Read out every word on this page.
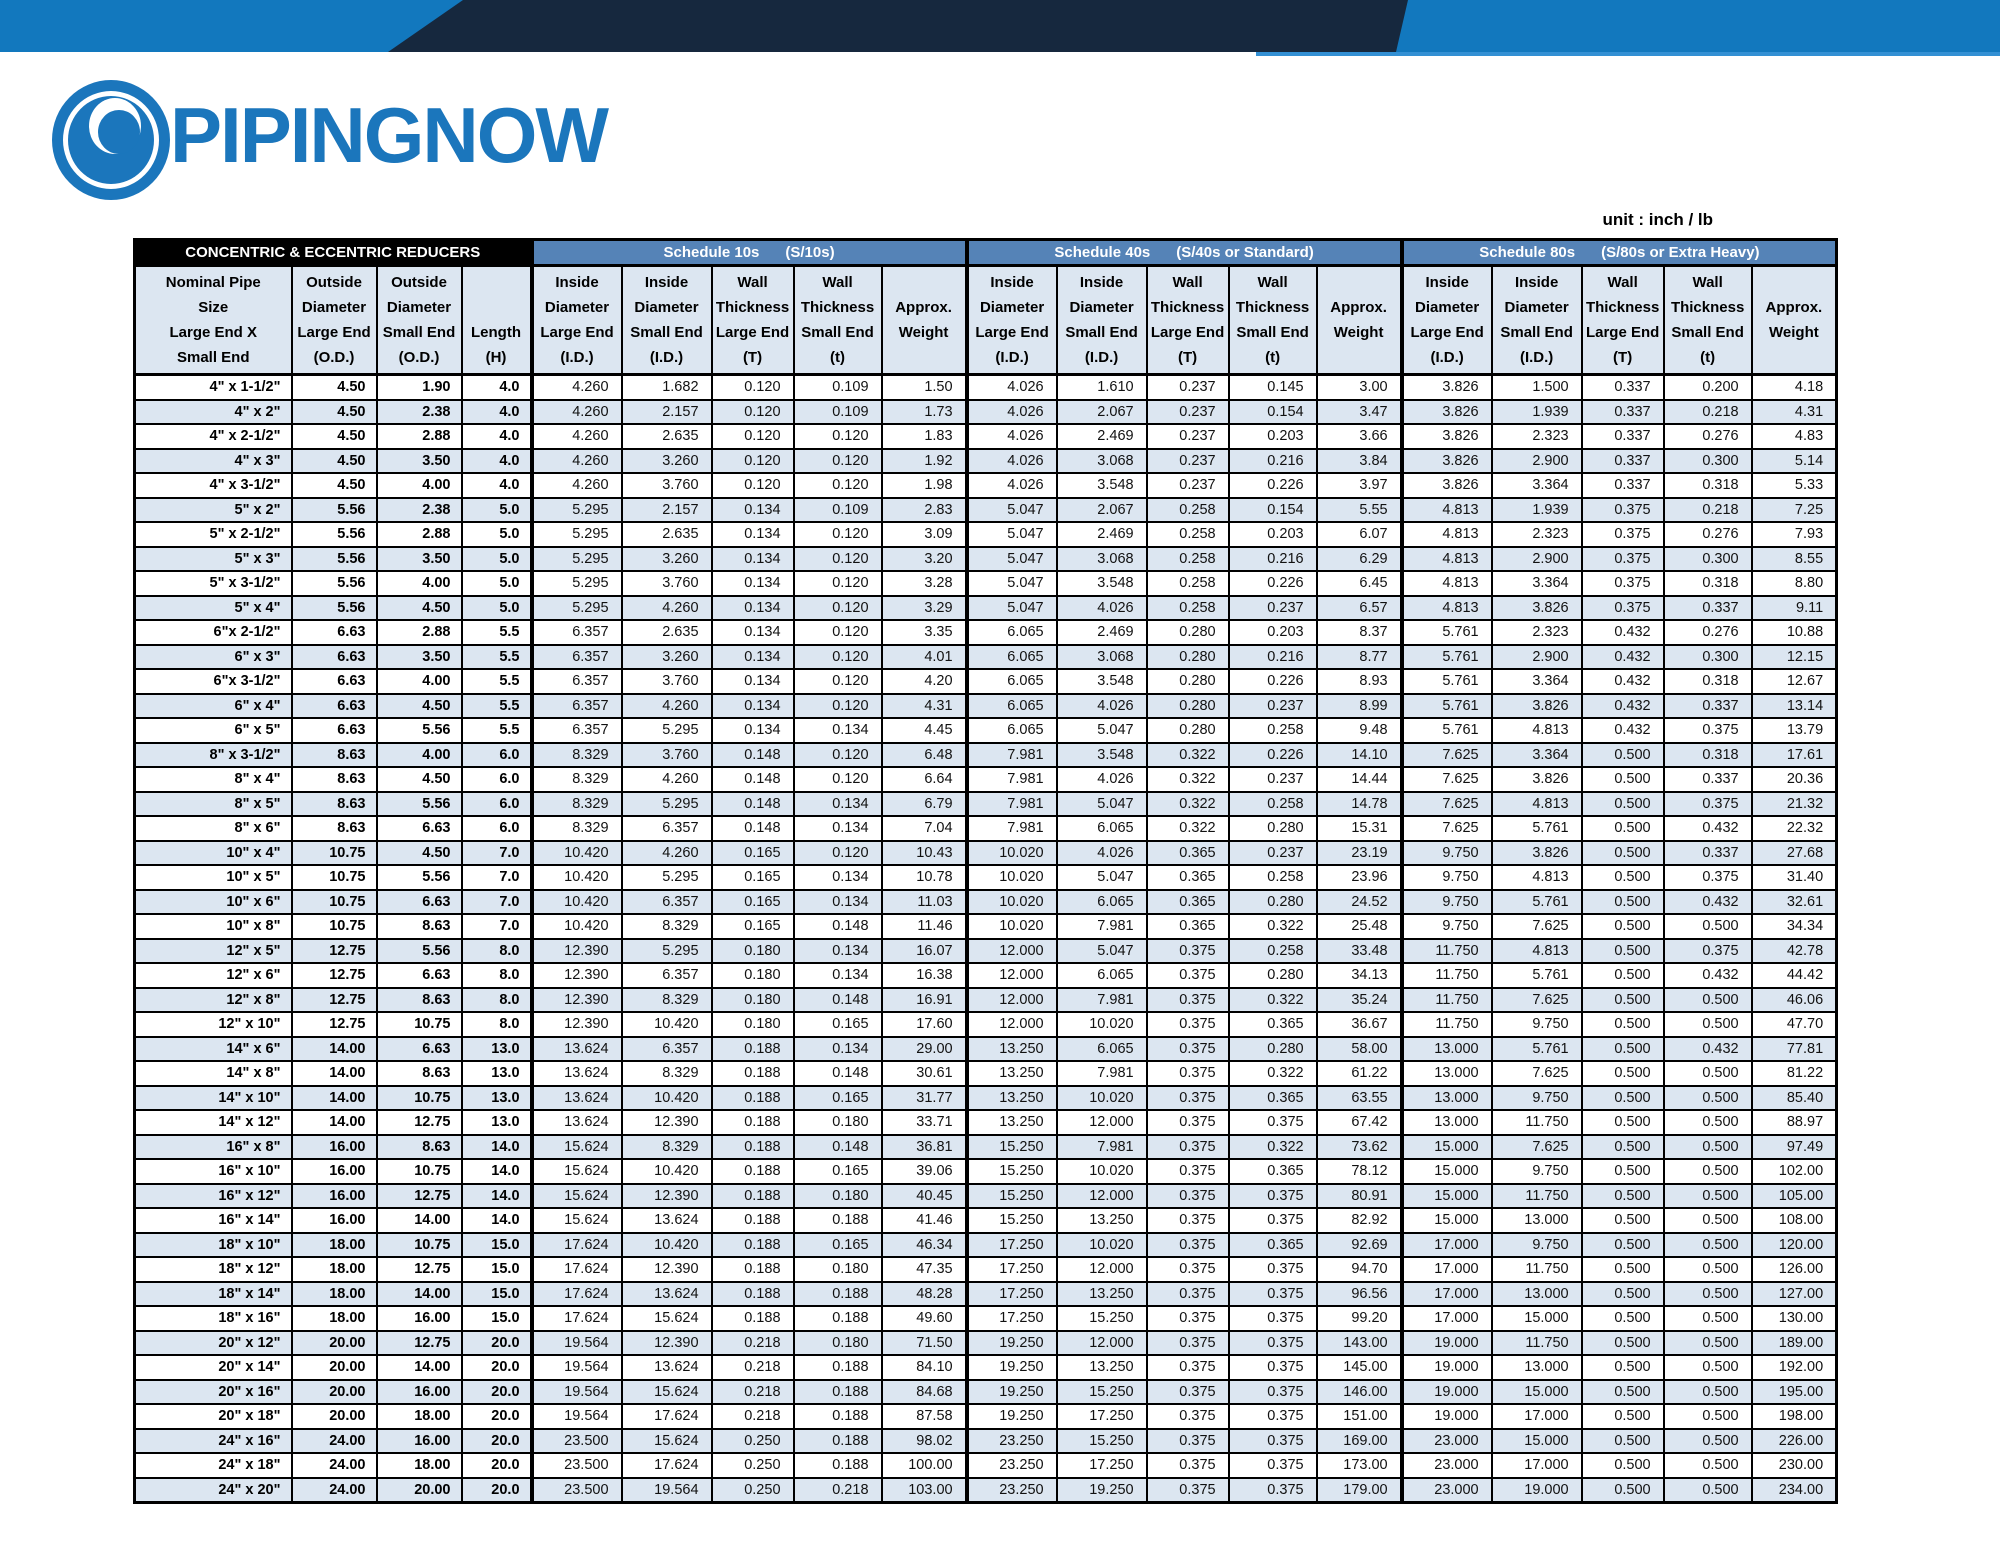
PIPINGNOW
unit : inch / lb
CONCENTRIC & ECCENTRIC REDUCERS				Schedule 10s (S/10s)					Schedule 40s (S/40s or Standard)					Schedule 80s (S/80s or Extra Heavy)				
Nominal Pipe
Size
Large End X
Small End	Outside
Diameter
Large End
(O.D.)	Outside
Diameter
Small End
(O.D.)	Length
(H)	Inside
Diameter
Large End
(I.D.)	Inside
Diameter
Small End
(I.D.)	Wall
Thickness
Large End
(T)	Wall
Thickness
Small End
(t)	Approx.
Weight	Inside
Diameter
Large End
(I.D.)	Inside
Diameter
Small End
(I.D.)	Wall
Thickness
Large End
(T)	Wall
Thickness
Small End
(t)	Approx.
Weight	Inside
Diameter
Large End
(I.D.)	Inside
Diameter
Small End
(I.D.)	Wall
Thickness
Large End
(T)	Wall
Thickness
Small End
(t)	Approx.
Weight
4" x 1-1/2"	4.50	1.90	4.0	4.260	1.682	0.120	0.109	1.50	4.026	1.610	0.237	0.145	3.00	3.826	1.500	0.337	0.200	4.18
4" x 2"	4.50	2.38	4.0	4.260	2.157	0.120	0.109	1.73	4.026	2.067	0.237	0.154	3.47	3.826	1.939	0.337	0.218	4.31
4" x 2-1/2"	4.50	2.88	4.0	4.260	2.635	0.120	0.120	1.83	4.026	2.469	0.237	0.203	3.66	3.826	2.323	0.337	0.276	4.83
4" x 3"	4.50	3.50	4.0	4.260	3.260	0.120	0.120	1.92	4.026	3.068	0.237	0.216	3.84	3.826	2.900	0.337	0.300	5.14
4" x 3-1/2"	4.50	4.00	4.0	4.260	3.760	0.120	0.120	1.98	4.026	3.548	0.237	0.226	3.97	3.826	3.364	0.337	0.318	5.33
5" x 2"	5.56	2.38	5.0	5.295	2.157	0.134	0.109	2.83	5.047	2.067	0.258	0.154	5.55	4.813	1.939	0.375	0.218	7.25
5" x 2-1/2"	5.56	2.88	5.0	5.295	2.635	0.134	0.120	3.09	5.047	2.469	0.258	0.203	6.07	4.813	2.323	0.375	0.276	7.93
5" x 3"	5.56	3.50	5.0	5.295	3.260	0.134	0.120	3.20	5.047	3.068	0.258	0.216	6.29	4.813	2.900	0.375	0.300	8.55
5" x 3-1/2"	5.56	4.00	5.0	5.295	3.760	0.134	0.120	3.28	5.047	3.548	0.258	0.226	6.45	4.813	3.364	0.375	0.318	8.80
5" x 4"	5.56	4.50	5.0	5.295	4.260	0.134	0.120	3.29	5.047	4.026	0.258	0.237	6.57	4.813	3.826	0.375	0.337	9.11
6"x 2-1/2"	6.63	2.88	5.5	6.357	2.635	0.134	0.120	3.35	6.065	2.469	0.280	0.203	8.37	5.761	2.323	0.432	0.276	10.88
6" x 3"	6.63	3.50	5.5	6.357	3.260	0.134	0.120	4.01	6.065	3.068	0.280	0.216	8.77	5.761	2.900	0.432	0.300	12.15
6"x 3-1/2"	6.63	4.00	5.5	6.357	3.760	0.134	0.120	4.20	6.065	3.548	0.280	0.226	8.93	5.761	3.364	0.432	0.318	12.67
6" x 4"	6.63	4.50	5.5	6.357	4.260	0.134	0.120	4.31	6.065	4.026	0.280	0.237	8.99	5.761	3.826	0.432	0.337	13.14
6" x 5"	6.63	5.56	5.5	6.357	5.295	0.134	0.134	4.45	6.065	5.047	0.280	0.258	9.48	5.761	4.813	0.432	0.375	13.79
8" x 3-1/2"	8.63	4.00	6.0	8.329	3.760	0.148	0.120	6.48	7.981	3.548	0.322	0.226	14.10	7.625	3.364	0.500	0.318	17.61
8" x 4"	8.63	4.50	6.0	8.329	4.260	0.148	0.120	6.64	7.981	4.026	0.322	0.237	14.44	7.625	3.826	0.500	0.337	20.36
8" x 5"	8.63	5.56	6.0	8.329	5.295	0.148	0.134	6.79	7.981	5.047	0.322	0.258	14.78	7.625	4.813	0.500	0.375	21.32
8" x 6"	8.63	6.63	6.0	8.329	6.357	0.148	0.134	7.04	7.981	6.065	0.322	0.280	15.31	7.625	5.761	0.500	0.432	22.32
10" x 4"	10.75	4.50	7.0	10.420	4.260	0.165	0.120	10.43	10.020	4.026	0.365	0.237	23.19	9.750	3.826	0.500	0.337	27.68
10" x 5"	10.75	5.56	7.0	10.420	5.295	0.165	0.134	10.78	10.020	5.047	0.365	0.258	23.96	9.750	4.813	0.500	0.375	31.40
10" x 6"	10.75	6.63	7.0	10.420	6.357	0.165	0.134	11.03	10.020	6.065	0.365	0.280	24.52	9.750	5.761	0.500	0.432	32.61
10" x 8"	10.75	8.63	7.0	10.420	8.329	0.165	0.148	11.46	10.020	7.981	0.365	0.322	25.48	9.750	7.625	0.500	0.500	34.34
12" x 5"	12.75	5.56	8.0	12.390	5.295	0.180	0.134	16.07	12.000	5.047	0.375	0.258	33.48	11.750	4.813	0.500	0.375	42.78
12" x 6"	12.75	6.63	8.0	12.390	6.357	0.180	0.134	16.38	12.000	6.065	0.375	0.280	34.13	11.750	5.761	0.500	0.432	44.42
12" x 8"	12.75	8.63	8.0	12.390	8.329	0.180	0.148	16.91	12.000	7.981	0.375	0.322	35.24	11.750	7.625	0.500	0.500	46.06
12" x 10"	12.75	10.75	8.0	12.390	10.420	0.180	0.165	17.60	12.000	10.020	0.375	0.365	36.67	11.750	9.750	0.500	0.500	47.70
14" x 6"	14.00	6.63	13.0	13.624	6.357	0.188	0.134	29.00	13.250	6.065	0.375	0.280	58.00	13.000	5.761	0.500	0.432	77.81
14" x 8"	14.00	8.63	13.0	13.624	8.329	0.188	0.148	30.61	13.250	7.981	0.375	0.322	61.22	13.000	7.625	0.500	0.500	81.22
14" x 10"	14.00	10.75	13.0	13.624	10.420	0.188	0.165	31.77	13.250	10.020	0.375	0.365	63.55	13.000	9.750	0.500	0.500	85.40
14" x 12"	14.00	12.75	13.0	13.624	12.390	0.188	0.180	33.71	13.250	12.000	0.375	0.375	67.42	13.000	11.750	0.500	0.500	88.97
16" x 8"	16.00	8.63	14.0	15.624	8.329	0.188	0.148	36.81	15.250	7.981	0.375	0.322	73.62	15.000	7.625	0.500	0.500	97.49
16" x 10"	16.00	10.75	14.0	15.624	10.420	0.188	0.165	39.06	15.250	10.020	0.375	0.365	78.12	15.000	9.750	0.500	0.500	102.00
16" x 12"	16.00	12.75	14.0	15.624	12.390	0.188	0.180	40.45	15.250	12.000	0.375	0.375	80.91	15.000	11.750	0.500	0.500	105.00
16" x 14"	16.00	14.00	14.0	15.624	13.624	0.188	0.188	41.46	15.250	13.250	0.375	0.375	82.92	15.000	13.000	0.500	0.500	108.00
18" x 10"	18.00	10.75	15.0	17.624	10.420	0.188	0.165	46.34	17.250	10.020	0.375	0.365	92.69	17.000	9.750	0.500	0.500	120.00
18" x 12"	18.00	12.75	15.0	17.624	12.390	0.188	0.180	47.35	17.250	12.000	0.375	0.375	94.70	17.000	11.750	0.500	0.500	126.00
18" x 14"	18.00	14.00	15.0	17.624	13.624	0.188	0.188	48.28	17.250	13.250	0.375	0.375	96.56	17.000	13.000	0.500	0.500	127.00
18" x 16"	18.00	16.00	15.0	17.624	15.624	0.188	0.188	49.60	17.250	15.250	0.375	0.375	99.20	17.000	15.000	0.500	0.500	130.00
20" x 12"	20.00	12.75	20.0	19.564	12.390	0.218	0.180	71.50	19.250	12.000	0.375	0.375	143.00	19.000	11.750	0.500	0.500	189.00
20" x 14"	20.00	14.00	20.0	19.564	13.624	0.218	0.188	84.10	19.250	13.250	0.375	0.375	145.00	19.000	13.000	0.500	0.500	192.00
20" x 16"	20.00	16.00	20.0	19.564	15.624	0.218	0.188	84.68	19.250	15.250	0.375	0.375	146.00	19.000	15.000	0.500	0.500	195.00
20" x 18"	20.00	18.00	20.0	19.564	17.624	0.218	0.188	87.58	19.250	17.250	0.375	0.375	151.00	19.000	17.000	0.500	0.500	198.00
24" x 16"	24.00	16.00	20.0	23.500	15.624	0.250	0.188	98.02	23.250	15.250	0.375	0.375	169.00	23.000	15.000	0.500	0.500	226.00
24" x 18"	24.00	18.00	20.0	23.500	17.624	0.250	0.188	100.00	23.250	17.250	0.375	0.375	173.00	23.000	17.000	0.500	0.500	230.00
24" x 20"	24.00	20.00	20.0	23.500	19.564	0.250	0.218	103.00	23.250	19.250	0.375	0.375	179.00	23.000	19.000	0.500	0.500	234.00
